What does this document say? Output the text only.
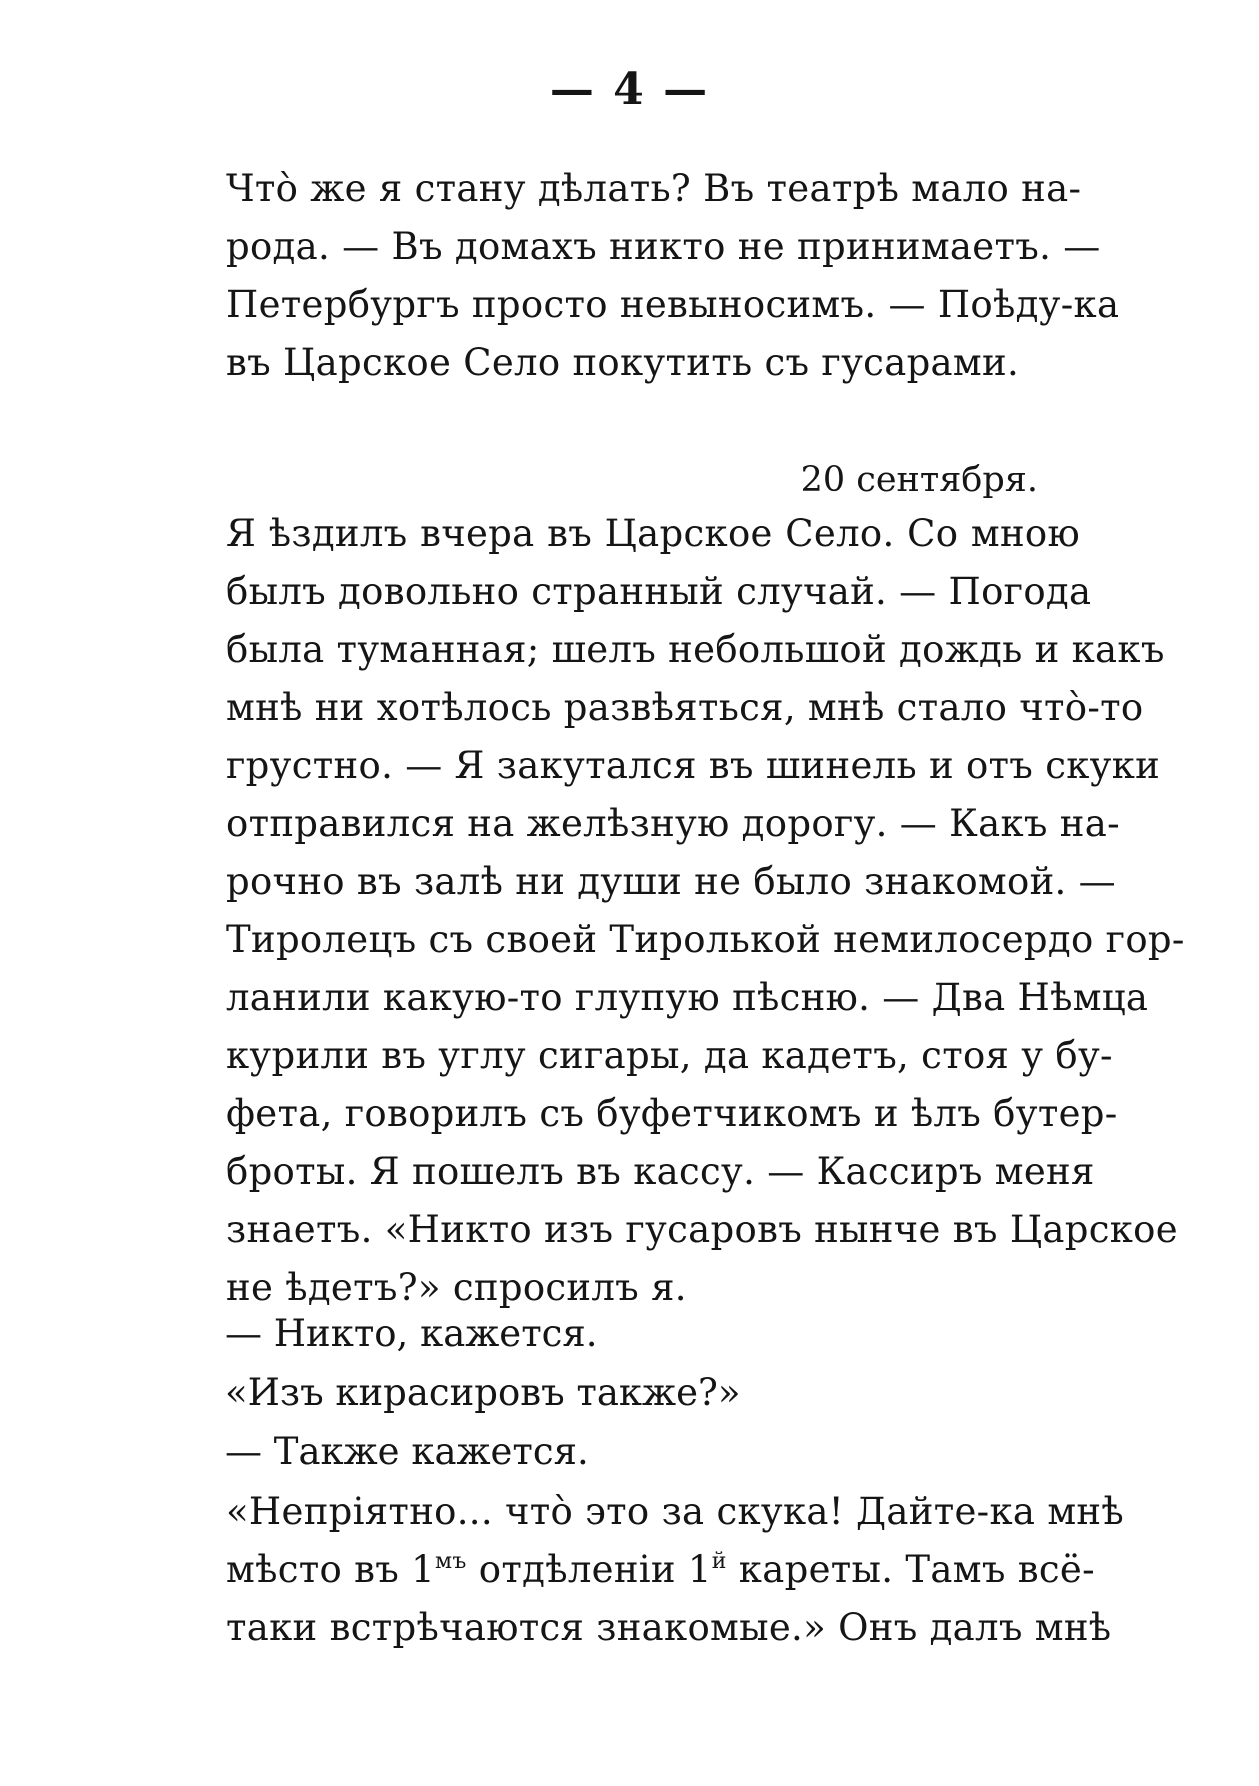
— 4 —
Что̀ же я стану дѣлать? Въ театрѣ мало на-
рода. — Въ домахъ никто не принимаетъ. —
Петербургъ просто невыносимъ. — Поѣду-ка
въ Царское Село покутить съ гусарами.
20 сентября.
Я ѣздилъ вчера въ Царское Село. Со мною
былъ довольно странный случай. — Погода
была туманная; шелъ небольшой дождь и какъ
мнѣ ни хотѣлось развѣяться, мнѣ стало что̀-то
грустно. — Я закутался въ шинель и отъ скуки
отправился на желѣзную дорогу. — Какъ на-
рочно въ залѣ ни души не было знакомой. —
Тиролецъ съ своей Тиролькой немилосердо гор-
ланили какую-то глупую пѣсню. — Два Нѣмца
курили въ углу сигары, да кадетъ, стоя у бу-
фета, говорилъ съ буфетчикомъ и ѣлъ бутер-
броты. Я пошелъ въ кассу. — Кассиръ меня
знаетъ. «Никто изъ гусаровъ нынче въ Царское
не ѣдетъ?» спросилъ я.
— Никто, кажется.
«Изъ кирасировъ также?»
— Также кажется.
«Непріятно... что̀ это за скука! Дайте-ка мнѣ
мѣсто въ $1^{мъ}$ отдѣленіи $1^й$ кареты. Тамъ всё-
таки встрѣчаются знакомые.» Онъ далъ мнѣ
